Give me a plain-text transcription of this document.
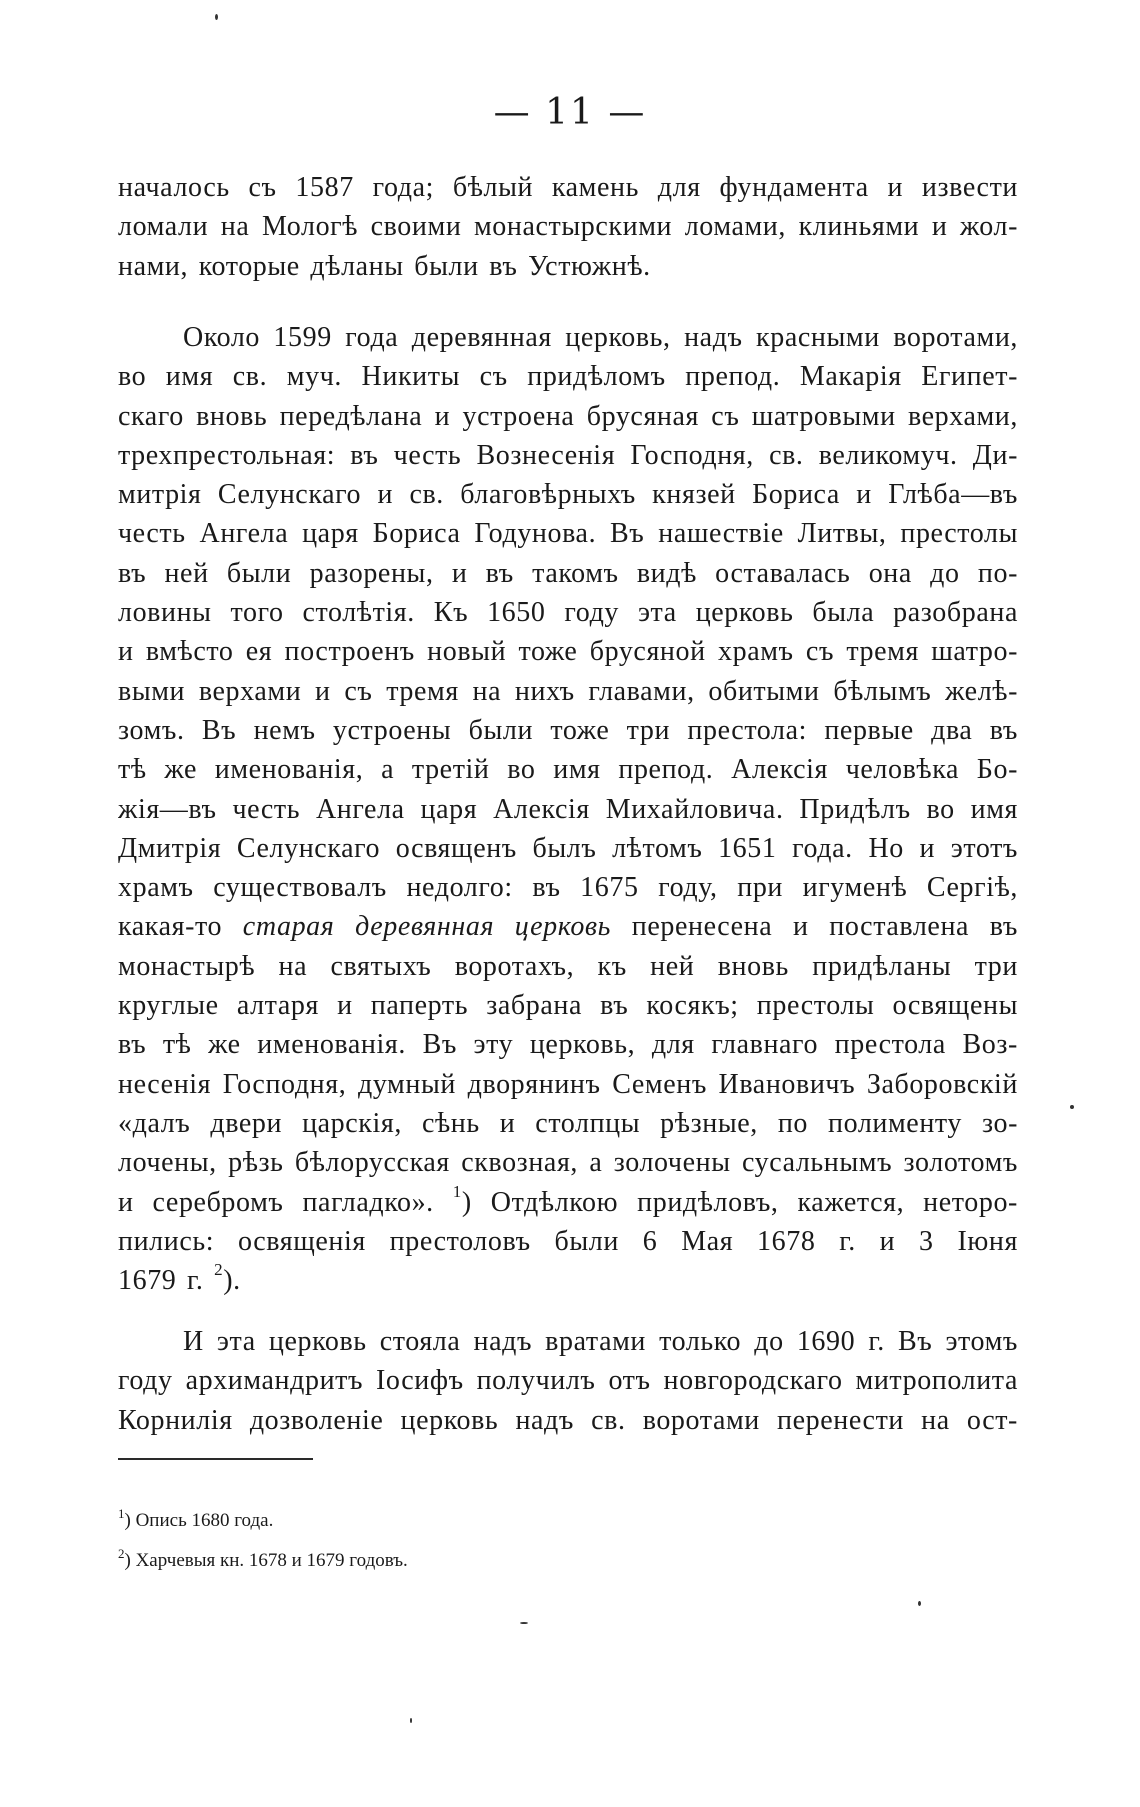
— 11 —
началось съ 1587 года; бѣлый камень для фундамента и извести
ломали на Мологѣ своими монастырскими ломами, клиньями и жол-
нами, которые дѣланы были въ Устюжнѣ.
Около 1599 года деревянная церковь, надъ красными воротами,
во имя св. муч. Никиты съ придѣломъ препод. Макарія Египет-
скаго вновь передѣлана и устроена брусяная съ шатровыми верхами,
трехпрестольная: въ честь Вознесенія Господня, св. великомуч. Ди-
митрія Селунскаго и св. благовѣрныхъ князей Бориса и Глѣба—въ
честь Ангела царя Бориса Годунова. Въ нашествіе Литвы, престолы
въ ней были разорены, и въ такомъ видѣ оставалась она до по-
ловины того столѣтія. Къ 1650 году эта церковь была разобрана
и вмѣсто ея построенъ новый тоже брусяной храмъ съ тремя шатро-
выми верхами и съ тремя на нихъ главами, обитыми бѣлымъ желѣ-
зомъ. Въ немъ устроены были тоже три престола: первые два въ
тѣ же именованія, а третій во имя препод. Алексія человѣка Бо-
жія—въ честь Ангела царя Алексія Михайловича. Придѣлъ во имя
Дмитрія Селунскаго освященъ былъ лѣтомъ 1651 года. Но и этотъ
храмъ существовалъ недолго: въ 1675 году, при игуменѣ Сергіѣ,
какая-то старая деревянная церковь перенесена и поставлена въ
монастырѣ на святыхъ воротахъ, къ ней вновь придѣланы три
круглые алтаря и паперть забрана въ косякъ; престолы освящены
въ тѣ же именованія. Въ эту церковь, для главнаго престола Воз-
несенія Господня, думный дворянинъ Семенъ Ивановичъ Заборовскій
«далъ двери царскія, сѣнь и столпцы рѣзные, по полименту зо-
лочены, рѣзь бѣлорусская сквозная, а золочены сусальнымъ золотомъ
и серебромъ пагладко». $^1$) Отдѣлкою придѣловъ, кажется, неторо-
пились: освященія престоловъ были 6 Мая 1678 г. и 3 Іюня
1679 г. $^2$).
И эта церковь стояла надъ вратами только до 1690 г. Въ этомъ
году архимандритъ Іосифъ получилъ отъ новгородскаго митрополита
Корнилія дозволеніе церковь надъ св. воротами перенести на ост-
$^1$) Опись 1680 года.
$^2$) Харчевыя кн. 1678 и 1679 годовъ.
